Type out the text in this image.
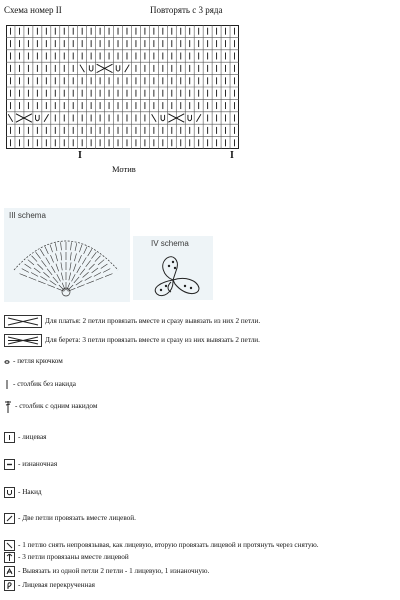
Схема номер II	Повторять с 3 ряда
I	I
Мотив
III schema
IV schema
Для платья: 2 петли провязать вместе и сразу вывязать из них 2 петли.
Для берета: 3 петли провязать вместе и сразу из них вывязать 2 петли.
- петля крючком
- столбик без накида
- столбик с одним накидом
- лицевая
- изнаночная
- Накид
- Две петли провязать вместе лицевой.
- 1 петлю снять непровязывая, как лицевую, вторую провязать лицевой и протянуть через снятую.
- 3 петли провязаны вместе лицевой
- Вывязать из одной петли 2 петли - 1 лицевую, 1 изнаночную.
- Лицевая перекрученная
